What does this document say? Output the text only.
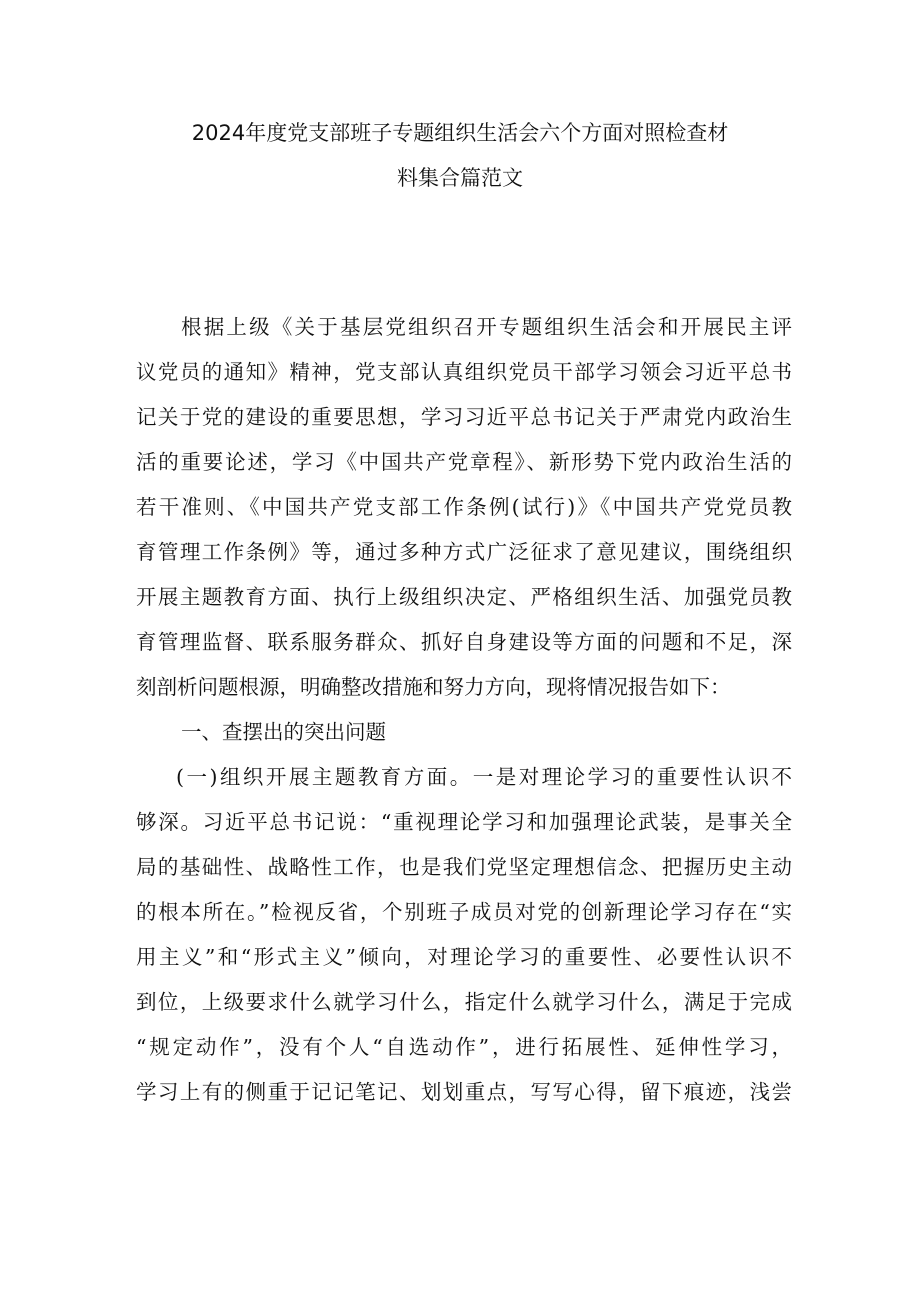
2024年度党支部班子专题组织生活会六个方面对照检查材
料集合篇范文

根据上级《关于基层党组织召开专题组织生活会和开展民主评
议党员的通知》精神，党支部认真组织党员干部学习领会习近平总书
记关于党的建设的重要思想，学习习近平总书记关于严肃党内政治生
活的重要论述，学习《中国共产党章程》、新形势下党内政治生活的
若干准则、《中国共产党支部工作条例(试行)》《中国共产党党员教
育管理工作条例》等，通过多种方式广泛征求了意见建议，围绕组织
开展主题教育方面、执行上级组织决定、严格组织生活、加强党员教
育管理监督、联系服务群众、抓好自身建设等方面的问题和不足，深
刻剖析问题根源，明确整改措施和努力方向，现将情况报告如下：

一、查摆出的突出问题

(一)组织开展主题教育方面。一是对理论学习的重要性认识不
够深。习近平总书记说：“重视理论学习和加强理论武装，是事关全
局的基础性、战略性工作，也是我们党坚定理想信念、把握历史主动
的根本所在。”检视反省，个别班子成员对党的创新理论学习存在“实
用主义”和“形式主义”倾向，对理论学习的重要性、必要性认识不
到位，上级要求什么就学习什么，指定什么就学习什么，满足于完成
“规定动作”，没有个人“自选动作”，进行拓展性、延伸性学习，
学习上有的侧重于记记笔记、划划重点，写写心得，留下痕迹，浅尝
